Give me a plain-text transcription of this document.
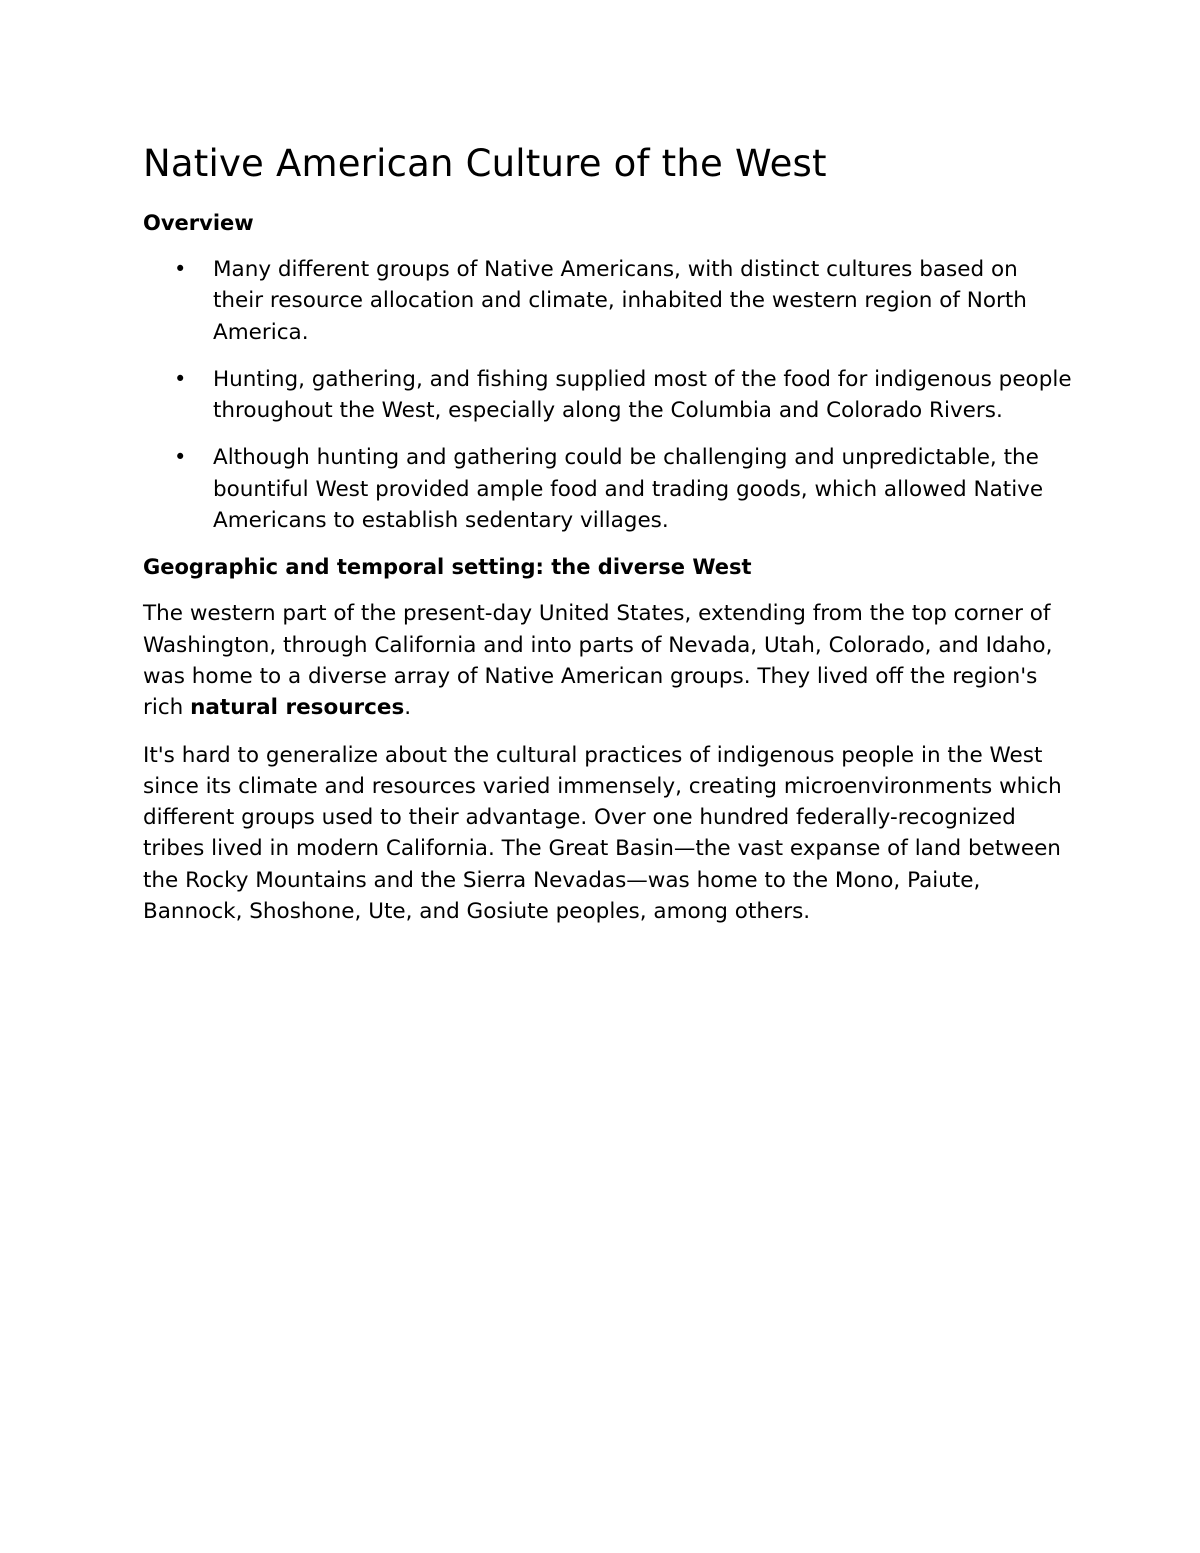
Native American Culture of the West
Overview
• Many different groups of Native Americans, with distinct cultures based on their resource allocation and climate, inhabited the western region of North America.
• Hunting, gathering, and fishing supplied most of the food for indigenous people throughout the West, especially along the Columbia and Colorado Rivers.
• Although hunting and gathering could be challenging and unpredictable, the bountiful West provided ample food and trading goods, which allowed Native Americans to establish sedentary villages.
Geographic and temporal setting: the diverse West

The western part of the present-day United States, extending from the top corner of Washington, through California and into parts of Nevada, Utah, Colorado, and Idaho, was home to a diverse array of Native American groups. They lived off the region's rich natural resources.

It's hard to generalize about the cultural practices of indigenous people in the West since its climate and resources varied immensely, creating microenvironments which different groups used to their advantage. Over one hundred federally-recognized tribes lived in modern California. The Great Basin—the vast expanse of land between the Rocky Mountains and the Sierra Nevadas—was home to the Mono, Paiute, Bannock, Shoshone, Ute, and Gosiute peoples, among others.
